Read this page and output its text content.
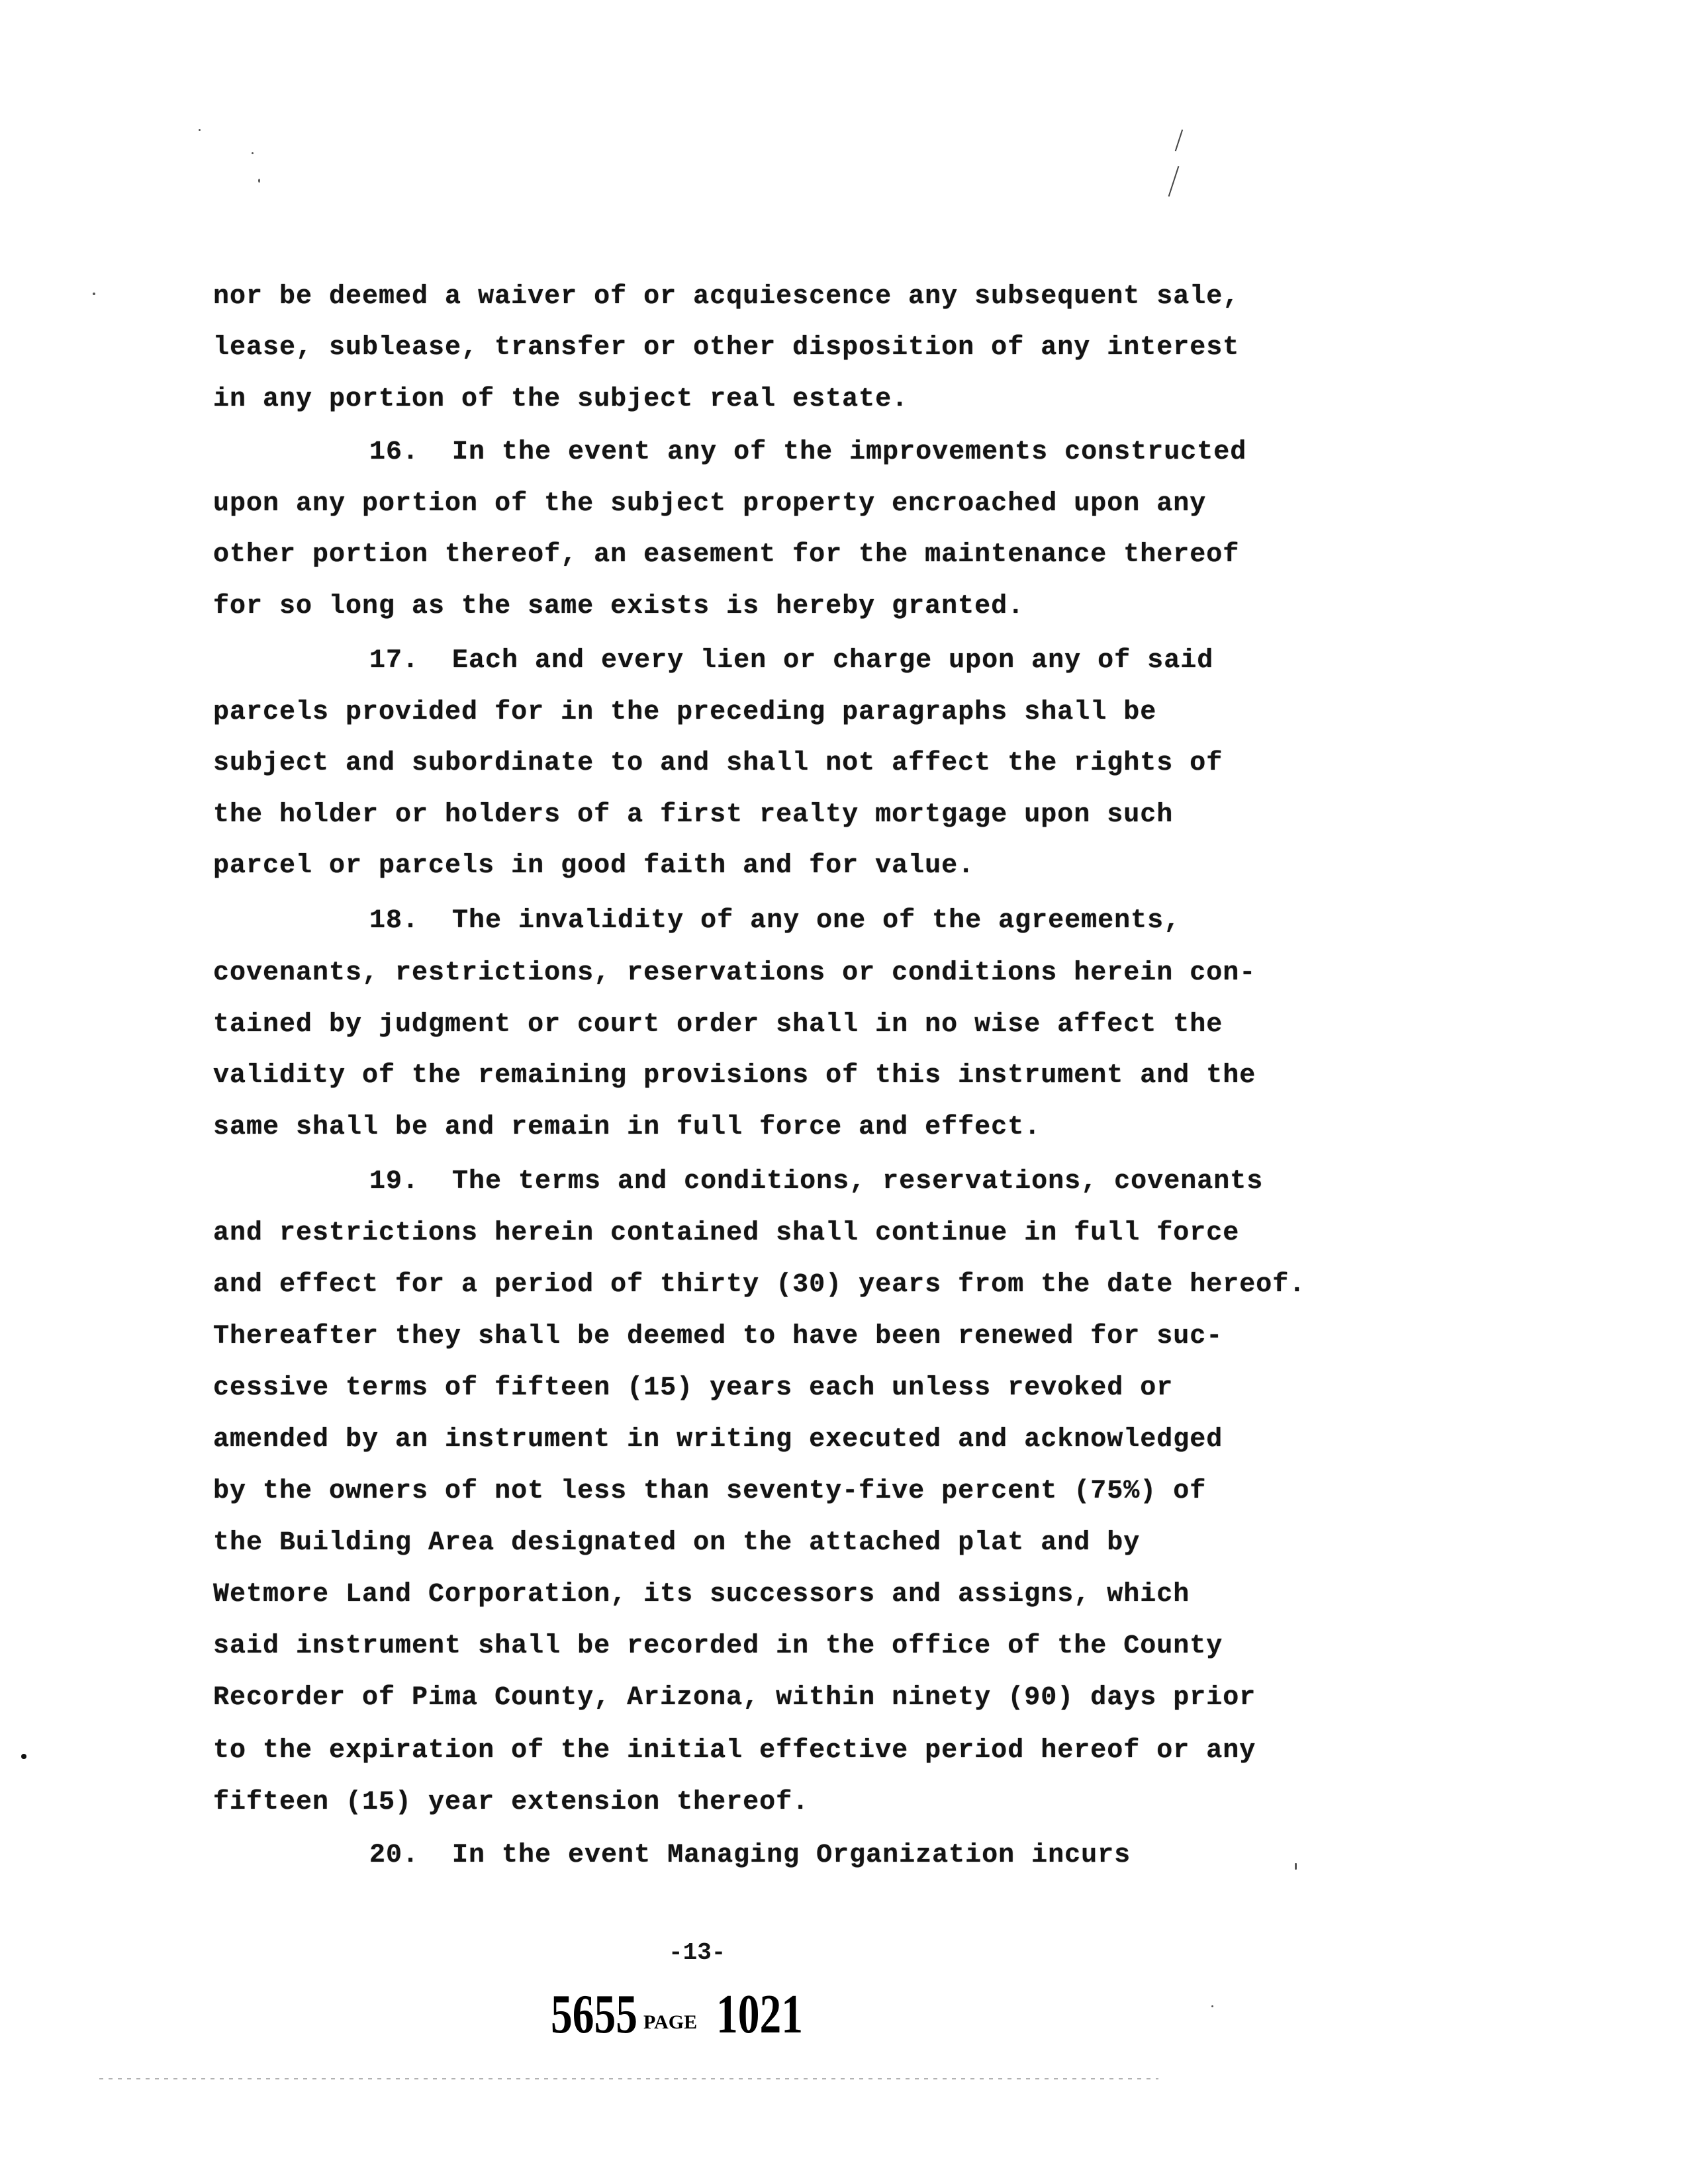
nor be deemed a waiver of or acquiescence any subsequent sale,
lease, sublease, transfer or other disposition of any interest
in any portion of the subject real estate.
16.  In the event any of the improvements constructed
upon any portion of the subject property encroached upon any
other portion thereof, an easement for the maintenance thereof
for so long as the same exists is hereby granted.
17.  Each and every lien or charge upon any of said
parcels provided for in the preceding paragraphs shall be
subject and subordinate to and shall not affect the rights of
the holder or holders of a first realty mortgage upon such
parcel or parcels in good faith and for value.
18.  The invalidity of any one of the agreements,
covenants, restrictions, reservations or conditions herein con-
tained by judgment or court order shall in no wise affect the
validity of the remaining provisions of this instrument and the
same shall be and remain in full force and effect.
19.  The terms and conditions, reservations, covenants
and restrictions herein contained shall continue in full force
and effect for a period of thirty (30) years from the date hereof.
Thereafter they shall be deemed to have been renewed for suc-
cessive terms of fifteen (15) years each unless revoked or
amended by an instrument in writing executed and acknowledged
by the owners of not less than seventy-five percent (75%) of
the Building Area designated on the attached plat and by
Wetmore Land Corporation, its successors and assigns, which
said instrument shall be recorded in the office of the County
Recorder of Pima County, Arizona, within ninety (90) days prior
to the expiration of the initial effective period hereof or any
fifteen (15) year extension thereof.
20.  In the event Managing Organization incurs
-13-
5655 PAGE 1021
